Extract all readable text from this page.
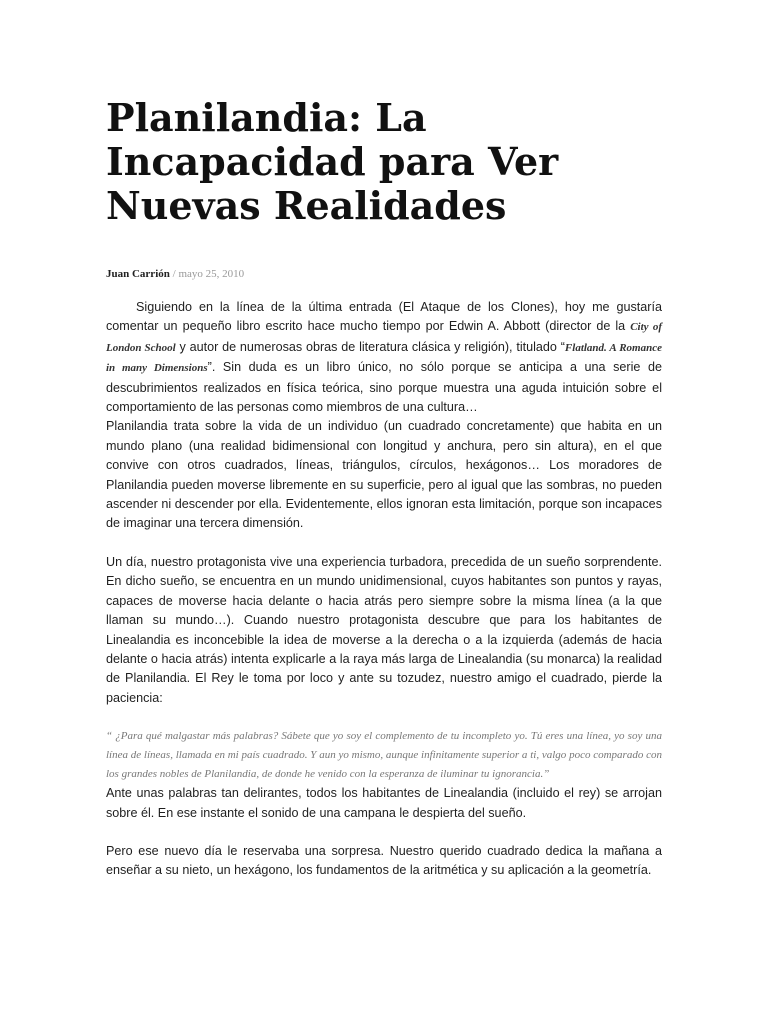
Planilandia: La Incapacidad para Ver Nuevas Realidades
Juan Carrión / mayo 25, 2010

Siguiendo en la línea de la última entrada (El Ataque de los Clones), hoy me gustaría comentar un pequeño libro escrito hace mucho tiempo por Edwin A. Abbott (director de la City of London School y autor de numerosas obras de literatura clásica y religión), titulado “Flatland. A Romance in many Dimensions”. Sin duda es un libro único, no sólo porque se anticipa a una serie de descubrimientos realizados en física teórica, sino porque muestra una aguda intuición sobre el comportamiento de las personas como miembros de una cultura…

Planilandia trata sobre la vida de un individuo (un cuadrado concretamente) que habita en un mundo plano (una realidad bidimensional con longitud y anchura, pero sin altura), en el que convive con otros cuadrados, líneas, triángulos, círculos, hexágonos… Los moradores de Planilandia pueden moverse libremente en su superficie, pero al igual que las sombras, no pueden ascender ni descender por ella. Evidentemente, ellos ignoran esta limitación, porque son incapaces de imaginar una tercera dimensión.

Un día, nuestro protagonista vive una experiencia turbadora, precedida de un sueño sorprendente. En dicho sueño, se encuentra en un mundo unidimensional, cuyos habitantes son puntos y rayas, capaces de moverse hacia delante o hacia atrás pero siempre sobre la misma línea (a la que llaman su mundo…). Cuando nuestro protagonista descubre que para los habitantes de Linealandia es inconcebible la idea de moverse a la derecha o a la izquierda (además de hacia delante o hacia atrás) intenta explicarle a la raya más larga de Linealandia (su monarca) la realidad de Planilandia. El Rey le toma por loco y ante su tozudez, nuestro amigo el cuadrado, pierde la paciencia:

“ ¿Para qué malgastar más palabras? Sábete que yo soy el complemento de tu incompleto yo. Tú eres una línea, yo soy una línea de líneas, llamada en mi país cuadrado. Y aun yo mismo, aunque infinitamente superior a ti, valgo poco comparado con los grandes nobles de Planilandia, de donde he venido con la esperanza de iluminar tu ignorancia.”

Ante unas palabras tan delirantes, todos los habitantes de Linealandia (incluido el rey) se arrojan sobre él. En ese instante el sonido de una campana le despierta del sueño.

Pero ese nuevo día le reservaba una sorpresa. Nuestro querido cuadrado dedica la mañana a enseñar a su nieto, un hexágono, los fundamentos de la aritmética y su aplicación a la geometría.
